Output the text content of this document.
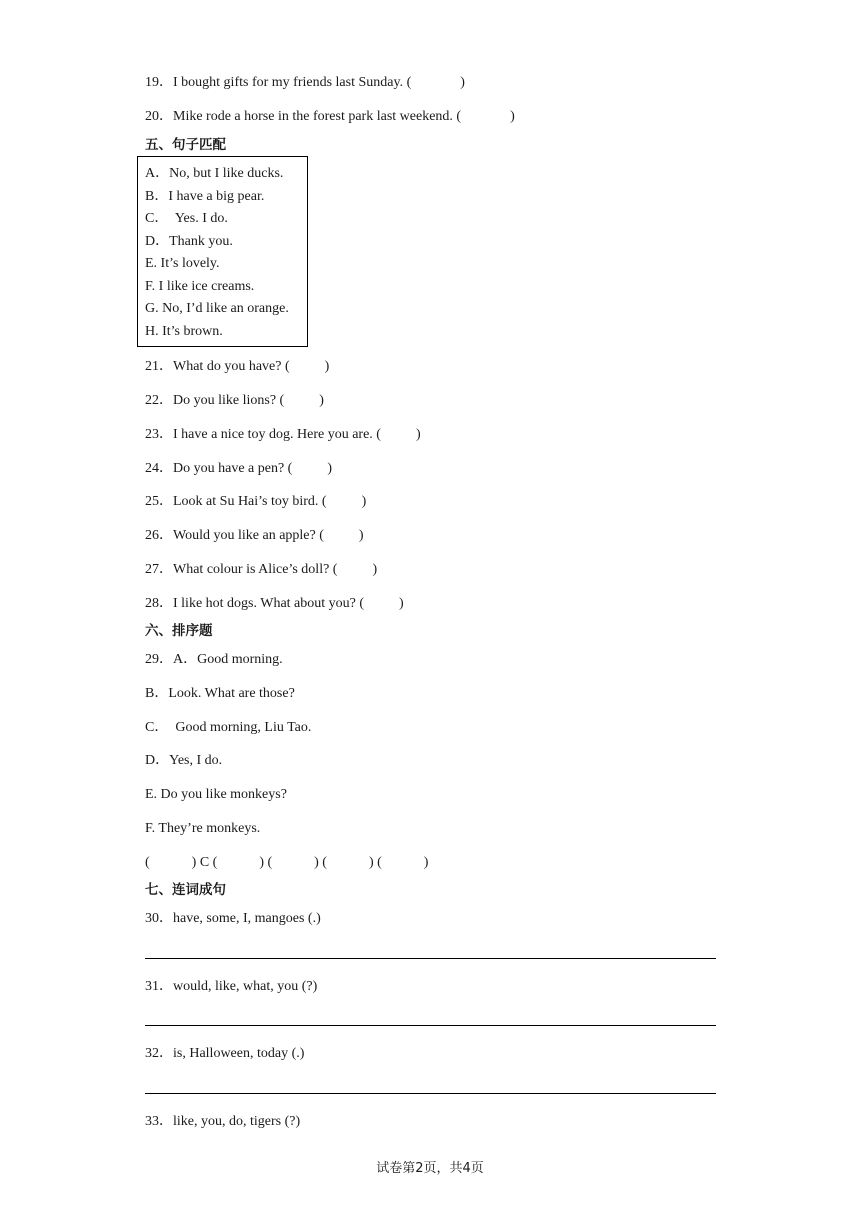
19．I bought gifts for my friends last Sunday. (              )
20．Mike rode a horse in the forest park last weekend. (              )
五、句子匹配
A．No, but I like ducks.
B．I have a big pear.
C．  Yes. I do.
D．Thank you.
E. It’s lovely.
F. I like ice creams.
G. No, I’d like an orange.
H. It’s brown.
21．What do you have? (          )
22．Do you like lions? (          )
23．I have a nice toy dog. Here you are. (          )
24．Do you have a pen? (          )
25．Look at Su Hai’s toy bird. (          )
26．Would you like an apple? (          )
27．What colour is Alice’s doll? (          )
28．I like hot dogs. What about you? (          )
六、排序题
29．A．Good morning.
B．Look. What are those?
C．  Good morning, Liu Tao.
D．Yes, I do.
E. Do you like monkeys?
F. They’re monkeys.
(            ) C (            ) (            ) (            ) (            )
七、连词成句
30．have, some, I, mangoes (.)
31．would, like, what, you (?)
32．is, Halloween, today (.)
33．like, you, do, tigers (?)
试卷第2页，共4页
